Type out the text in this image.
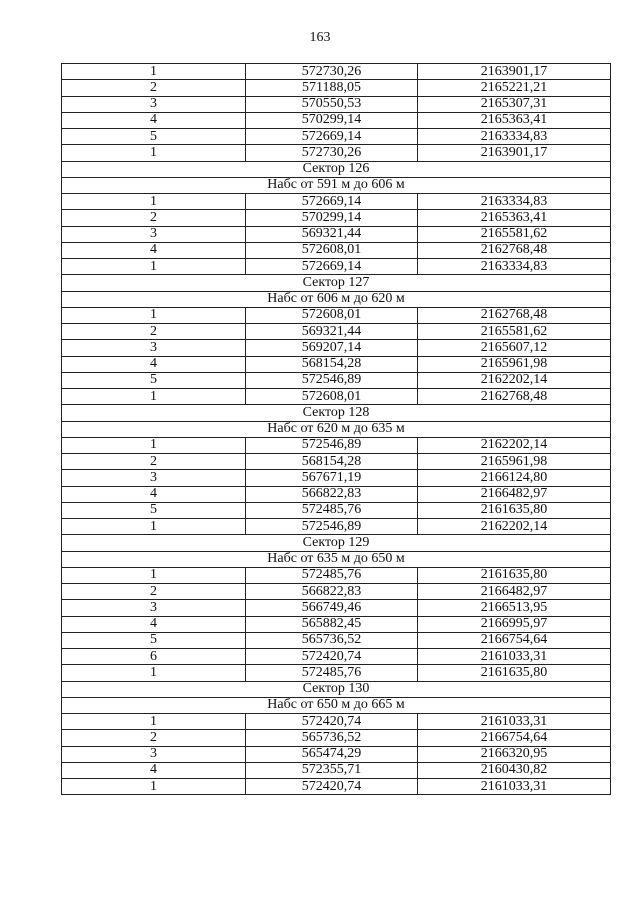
163
1	572730,26	2163901,17
2	571188,05	2165221,21
3	570550,53	2165307,31
4	570299,14	2165363,41
5	572669,14	2163334,83
1	572730,26	2163901,17
Сектор 126		
Набс от 591 м до 606 м		
1	572669,14	2163334,83
2	570299,14	2165363,41
3	569321,44	2165581,62
4	572608,01	2162768,48
1	572669,14	2163334,83
Сектор 127		
Набс от 606 м до 620 м		
1	572608,01	2162768,48
2	569321,44	2165581,62
3	569207,14	2165607,12
4	568154,28	2165961,98
5	572546,89	2162202,14
1	572608,01	2162768,48
Сектор 128		
Набс от 620 м до 635 м		
1	572546,89	2162202,14
2	568154,28	2165961,98
3	567671,19	2166124,80
4	566822,83	2166482,97
5	572485,76	2161635,80
1	572546,89	2162202,14
Сектор 129		
Набс от 635 м до 650 м		
1	572485,76	2161635,80
2	566822,83	2166482,97
3	566749,46	2166513,95
4	565882,45	2166995,97
5	565736,52	2166754,64
6	572420,74	2161033,31
1	572485,76	2161635,80
Сектор 130		
Набс от 650 м до 665 м		
1	572420,74	2161033,31
2	565736,52	2166754,64
3	565474,29	2166320,95
4	572355,71	2160430,82
1	572420,74	2161033,31
